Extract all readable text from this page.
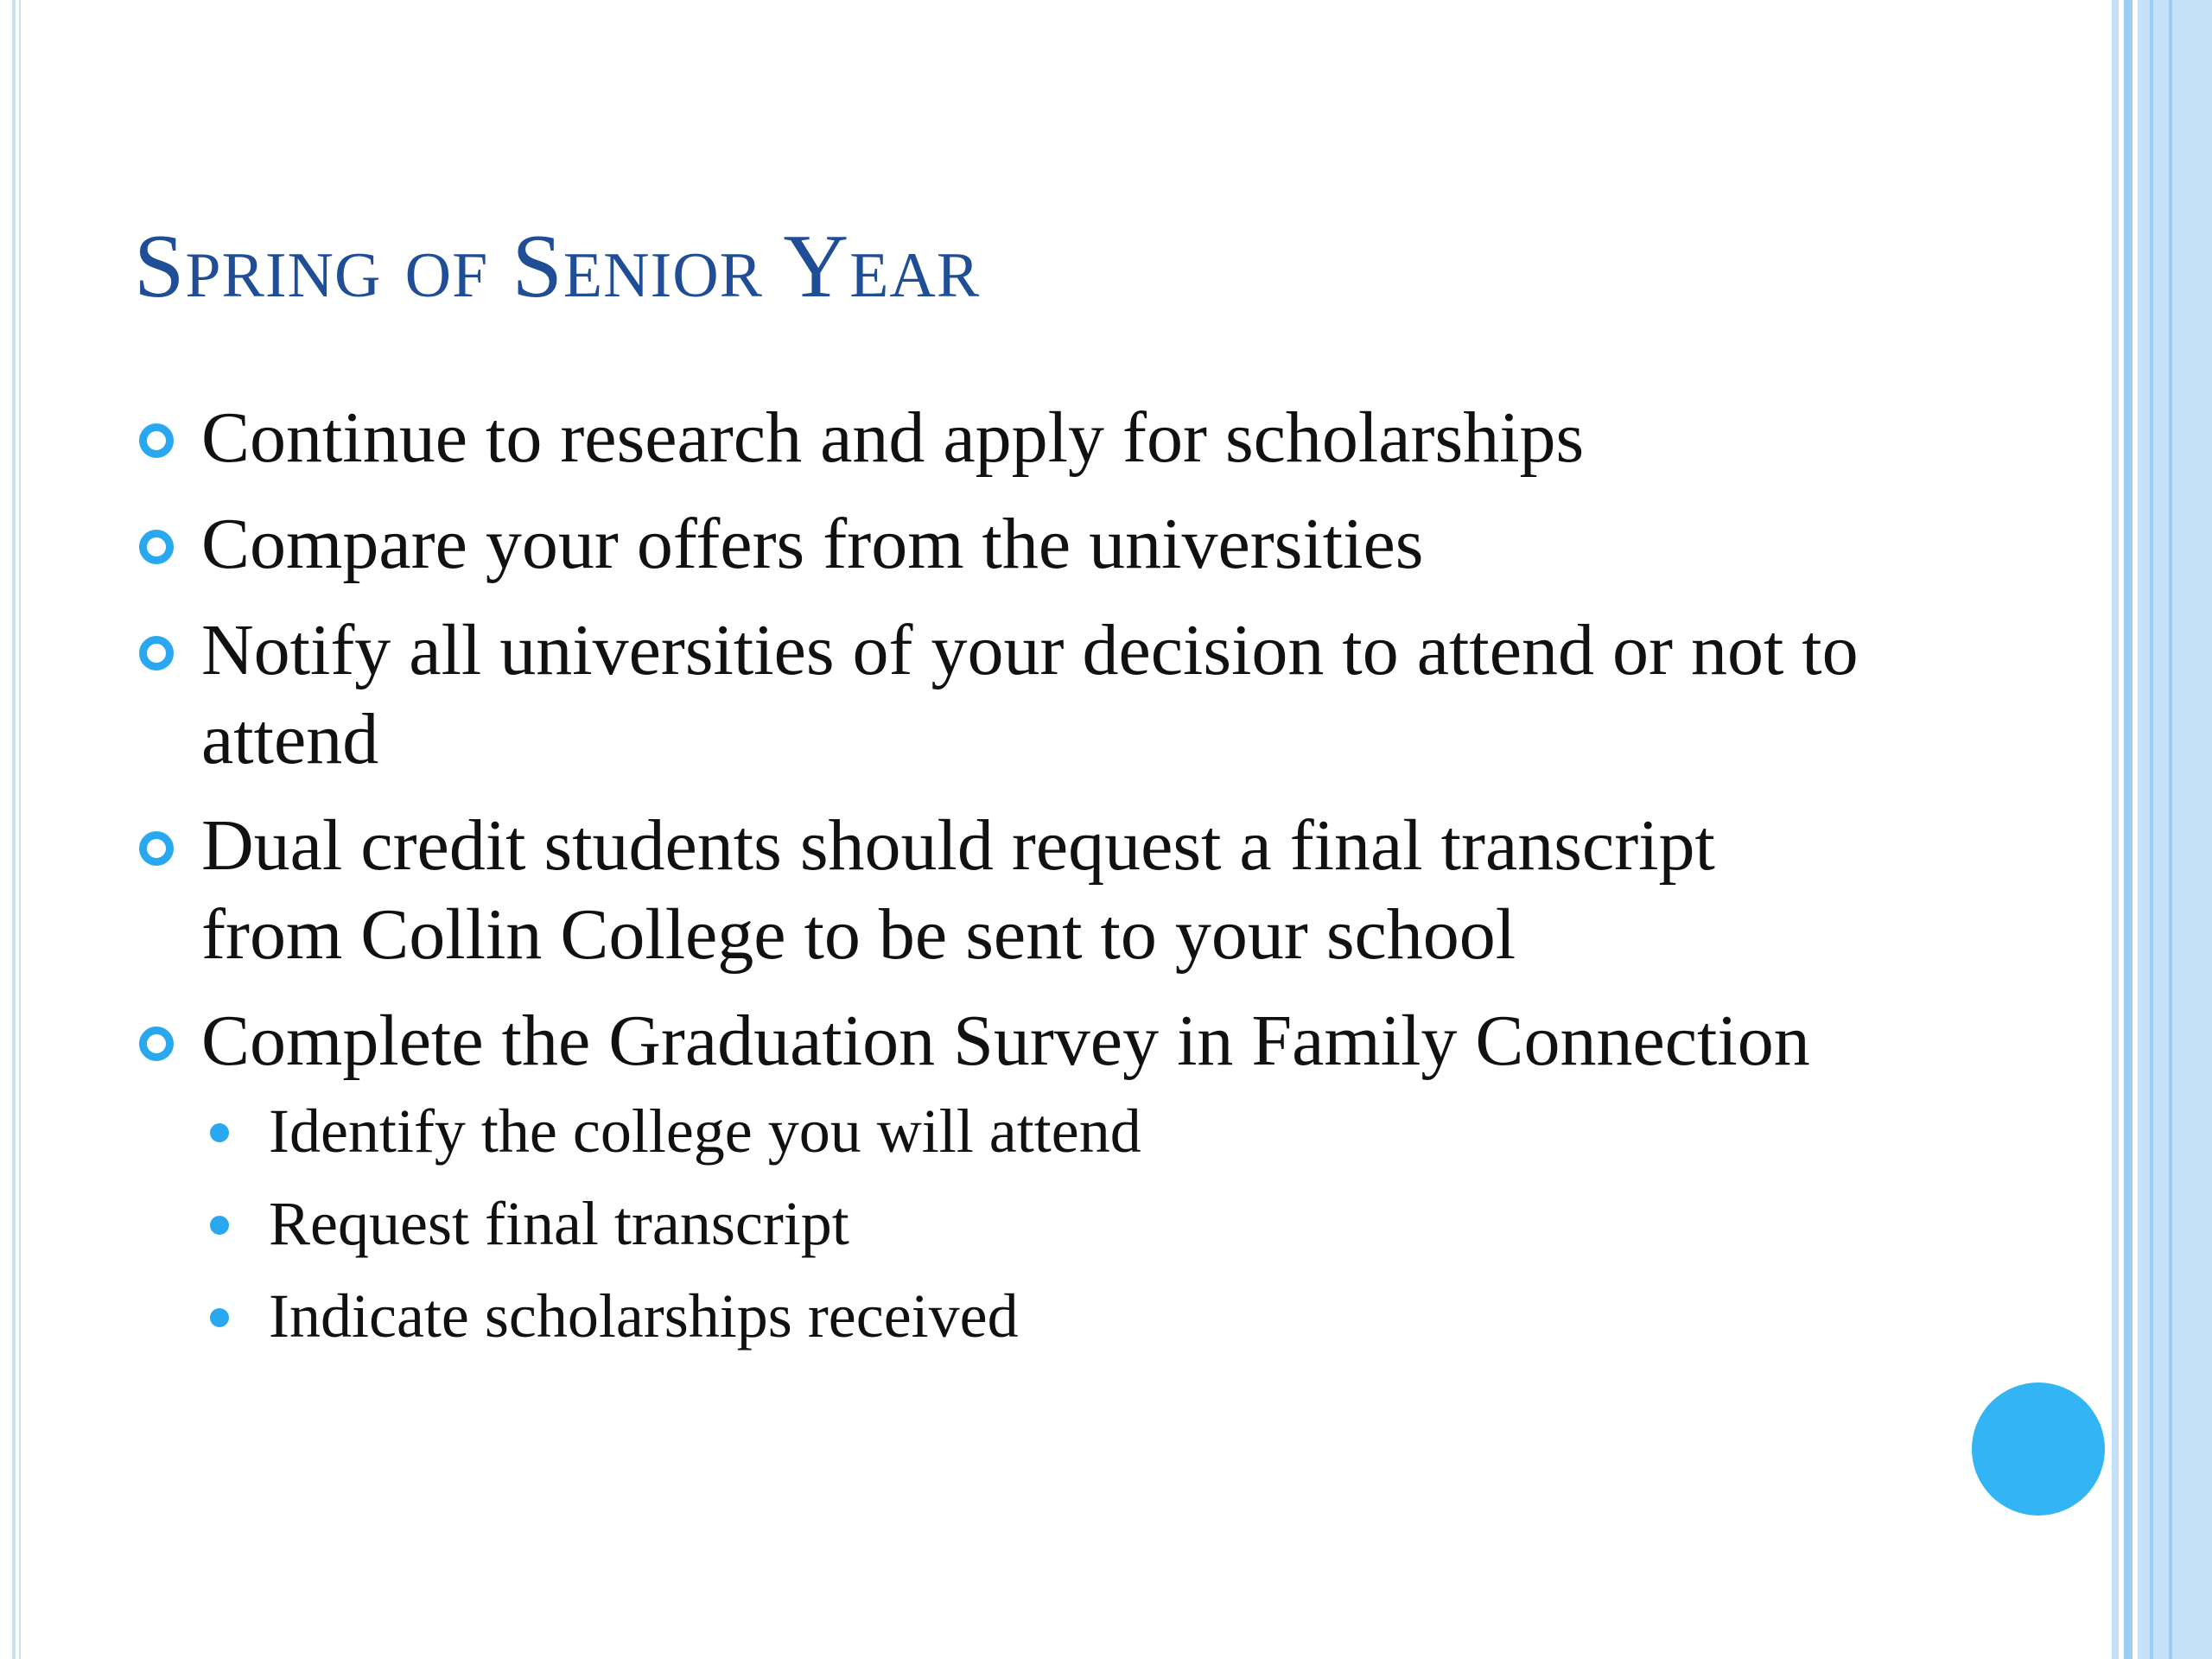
Spring of Senior Year
Continue to research and apply for scholarships
Compare your offers from the universities
Notify all universities of your decision to attend or not to attend
Dual credit students should request a final transcript from Collin College to be sent to your school
Complete the Graduation Survey in Family Connection
Identify the college you will attend
Request final transcript
Indicate scholarships received
